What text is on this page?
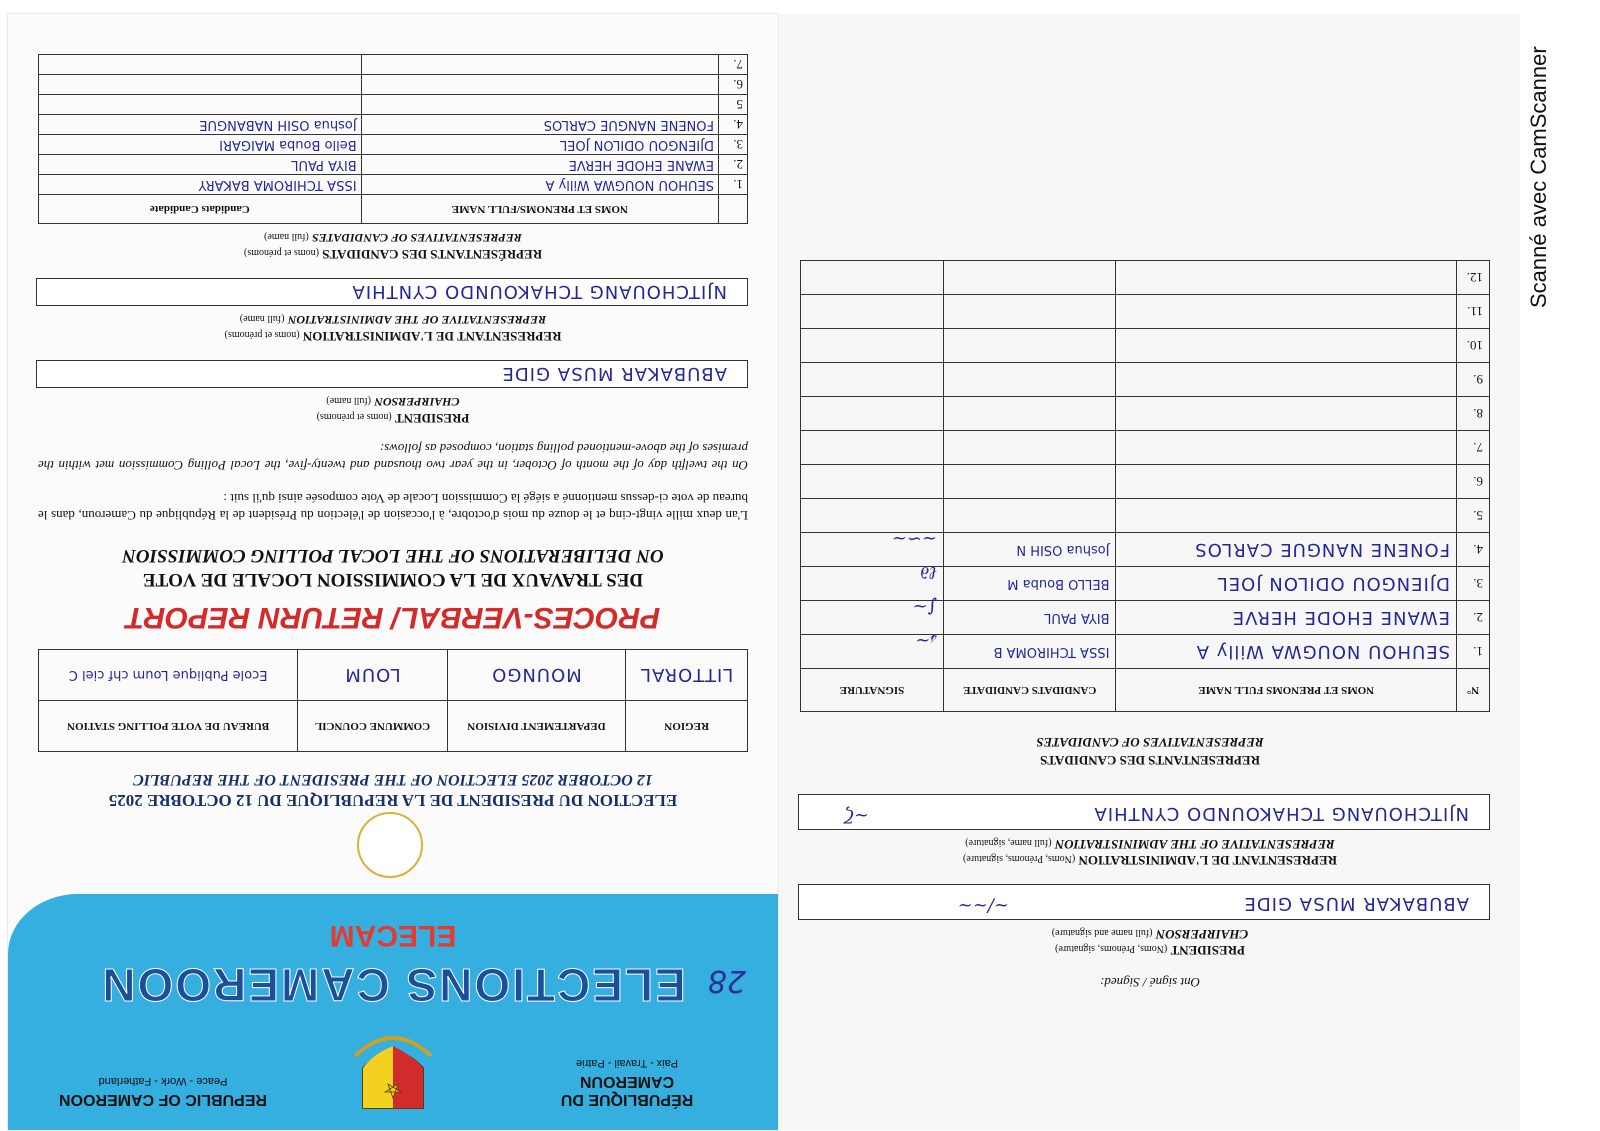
RÉPUBLIQUE DU CAMEROUN
Paix - Travail - Patrie
REPUBLIC OF CAMEROON
Peace - Work - Fatherland
28
ELECTIONS CAMEROON
ELECAM
ELECTION DU PRESIDENT DE LA REPUBLIQUE DU 12 OCTOBRE 2025
12 OCTOBER 2025 ELECTION OF THE PRESIDENT OF THE REPUBLIC
REGION	DEPARTEMENT DIVISION	COMMUNE COUNCIL	BUREAU DE VOTE POLLING STATION
LITTORAL	MOUNGO	LOUM	Ecole Publique Loum chf ciel C
PROCES-VERBAL/ RETURN REPORT
DES TRAVAUX DE LA COMMISSION LOCALE DE VOTE
ON DELIBERATIONS OF THE LOCAL POLLING COMMISSION
L'an deux mille vingt-cinq et le douze du mois d'octobre, à l'occasion de l'élection du Président de la République du Cameroun, dans le bureau de vote ci-dessus mentionné a siégé la Commission Locale de Vote composée ainsi qu'il suit :
On the twelfth day of the month of October, in the year two thousand and twenty-five, the Local Polling Commission met within the premises of the above-mentioned polling station, composed as follows:
PRESIDENT (noms et prénoms)
CHAIRPERSON (full name)
ABUBAKAR MUSA GIDE
REPRESENTANT DE L'ADMINISTRATION (noms et prénoms)
REPRESENTATIVE OF THE ADMINISTRATION (full name)
NJITCHOUANG TCHAKOUNDO CYNTHIA
REPRÉSENTANTS DES CANDIDATS (noms et prénoms)
REPRESENTATIVES OF CANDIDATES (full name)
	NOMS ET PRENOMS/FULL NAME	Candidats Candidate
1.	SEUHOU NOUGWA Willy A	ISSA TCHIROMA BAKARY
2.	EWANE EHODE HERVE	BIYA PAUL
3.	DJIENGOU ODILON JOEL	Bello Bouba MAIGARI
4.	FONENE NANGUE CARLOS	Joshua OSIH NABANGUE
5		
6.		
7.		
Ont signé / Signed:
PRESIDENT (Noms, Prénoms, signature)
CHAIRPERSON (full name and signature)
ABUBAKAR MUSA GIDE
~/~~
REPRESENTANT DE L'ADMINISTRATION (Noms, Prénoms, signature)
REPRESENTATIVE OF THE ADMINISTRATION (full name, signature)
NJITCHOUANG TCHAKOUNDO CYNTHIA
~ζ
REPRESENTANTS DES CANDIDATS
REPRESENTATIVES OF CANDIDATES
N°	NOMS ET PRENOMS FULL NAME	CANDIDATS CANDIDATE	SIGNATURE
1.	SEUHOU NOUGWA Willy A	ISSA TCHIROMA B	𝓈~

2.	EWANE EHODE HERVE	BIYA PAUL	∫~

3.	DJIENGOU ODILON JOEL	BELLO Bouba M	ℓ∂

4.	FONENE NANGUE CARLOS	Joshua OSIH N	~∽~

5.			
6.			
7.			
8.			
9.			
10.			
11.			
12.			Scanné avec CamScanner
